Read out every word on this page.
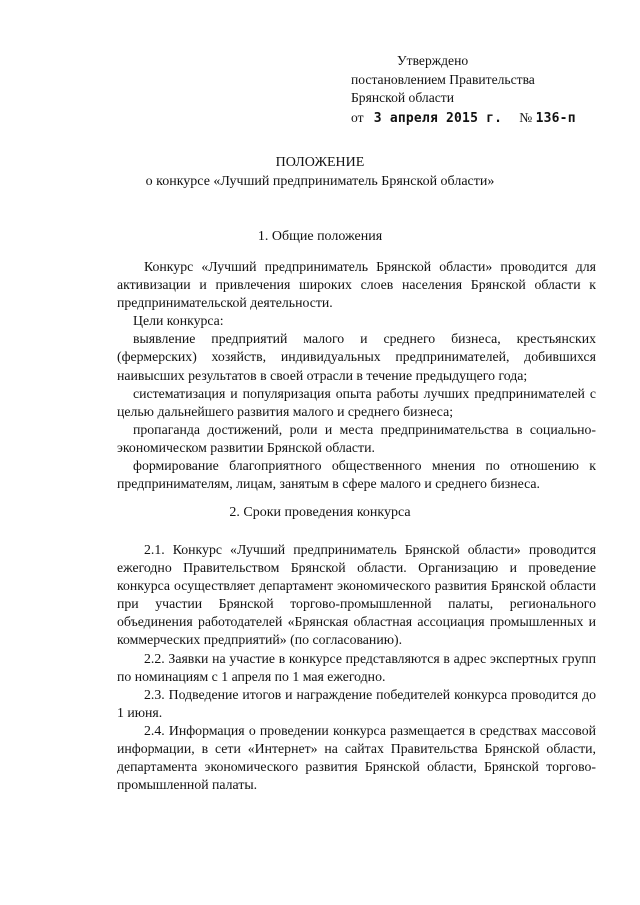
Утверждено
постановлением Правительства
Брянской области
от 3 апреля 2015 г. № 136-п
ПОЛОЖЕНИЕ
о конкурсе «Лучший предприниматель Брянской области»
1. Общие положения

Конкурс «Лучший предприниматель Брянской области» проводится для активизации и привлечения широких слоев населения Брянской области к предпринимательской деятельности.

Цели конкурса:

выявление предприятий малого и среднего бизнеса, крестьянских (фермерских) хозяйств, индивидуальных предпринимателей, добившихся наивысших результатов в своей отрасли в течение предыдущего года;

систематизация и популяризация опыта работы лучших предпринимателей с целью дальнейшего развития малого и среднего бизнеса;

пропаганда достижений, роли и места предпринимательства в социально-экономическом развитии Брянской области.

формирование благоприятного общественного мнения по отношению к предпринимателям, лицам, занятым в сфере малого и среднего бизнеса.

2. Сроки проведения конкурса

2.1. Конкурс «Лучший предприниматель Брянской области» проводится ежегодно Правительством Брянской области. Организацию и проведение конкурса осуществляет департамент экономического развития Брянской области при участии Брянской торгово-промышленной палаты, регионального объединения работодателей «Брянская областная ассоциация промышленных и коммерческих предприятий» (по согласованию).

2.2. Заявки на участие в конкурсе представляются в адрес экспертных групп по номинациям с 1 апреля по 1 мая ежегодно.

2.3. Подведение итогов и награждение победителей конкурса проводится до 1 июня.

2.4. Информация о проведении конкурса размещается в средствах массовой информации, в сети «Интернет» на сайтах Правительства Брянской области, департамента экономического развития Брянской области, Брянской торгово-промышленной палаты.
